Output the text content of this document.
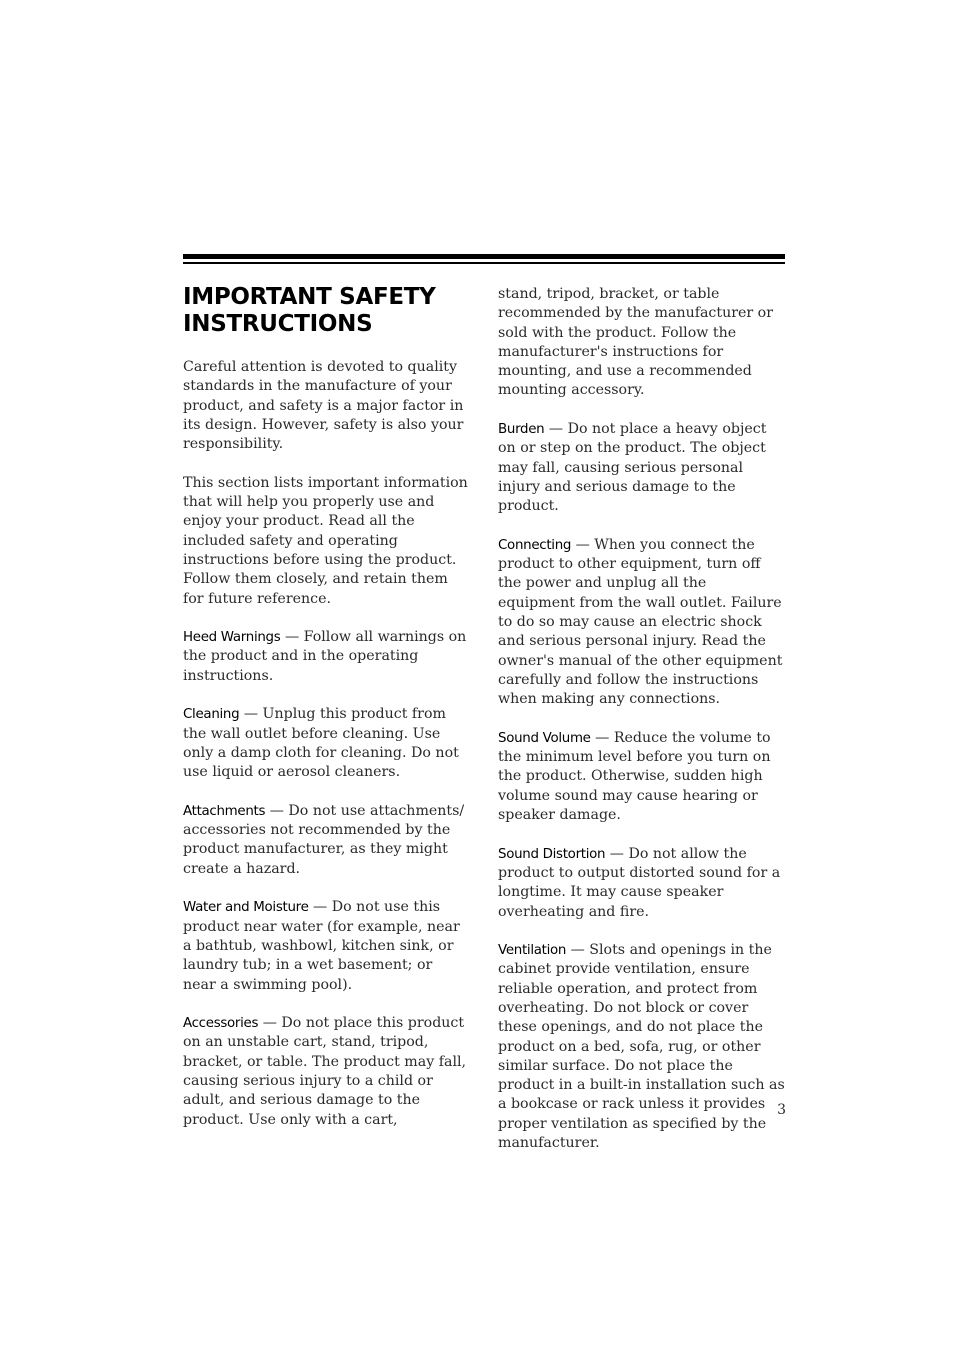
IMPORTANT SAFETY
INSTRUCTIONS

Careful attention is devoted to quality standards in the manufacture of your product, and safety is a major factor in its design. However, safety is also your responsibility.

This section lists important information that will help you properly use and enjoy your product. Read all the included safety and operating instructions before using the product. Follow them closely, and retain them for future reference.

Heed Warnings — Follow all warnings on the product and in the operating instructions.

Cleaning — Unplug this product from the wall outlet before cleaning. Use only a damp cloth for cleaning. Do not use liquid or aerosol cleaners.

Attachments — Do not use attachments/ accessories not recommended by the product manufacturer, as they might create a hazard.

Water and Moisture — Do not use this product near water (for example, near a bathtub, washbowl, kitchen sink, or laundry tub; in a wet basement; or near a swimming pool).

Accessories — Do not place this product on an unstable cart, stand, tripod, bracket, or table. The product may fall, causing serious injury to a child or adult, and serious damage to the product. Use only with a cart,

stand, tripod, bracket, or table recommended by the manufacturer or sold with the product. Follow the manufacturer's instructions for mounting, and use a recommended mounting accessory.

Burden — Do not place a heavy object on or step on the product. The object may fall, causing serious personal injury and serious damage to the product.

Connecting — When you connect the product to other equipment, turn off the power and unplug all the equipment from the wall outlet. Failure to do so may cause an electric shock and serious personal injury. Read the owner's manual of the other equipment carefully and follow the instructions when making any connections.

Sound Volume — Reduce the volume to the minimum level before you turn on the product. Otherwise, sudden high volume sound may cause hearing or speaker damage.

Sound Distortion — Do not allow the product to output distorted sound for a longtime. It may cause speaker overheating and fire.

Ventilation — Slots and openings in the cabinet provide ventilation, ensure reliable operation, and protect from overheating. Do not block or cover these openings, and do not place the product on a bed, sofa, rug, or other similar surface. Do not place the product in a built-in installation such as a bookcase or rack unless it provides proper ventilation as specified by the manufacturer.

3
